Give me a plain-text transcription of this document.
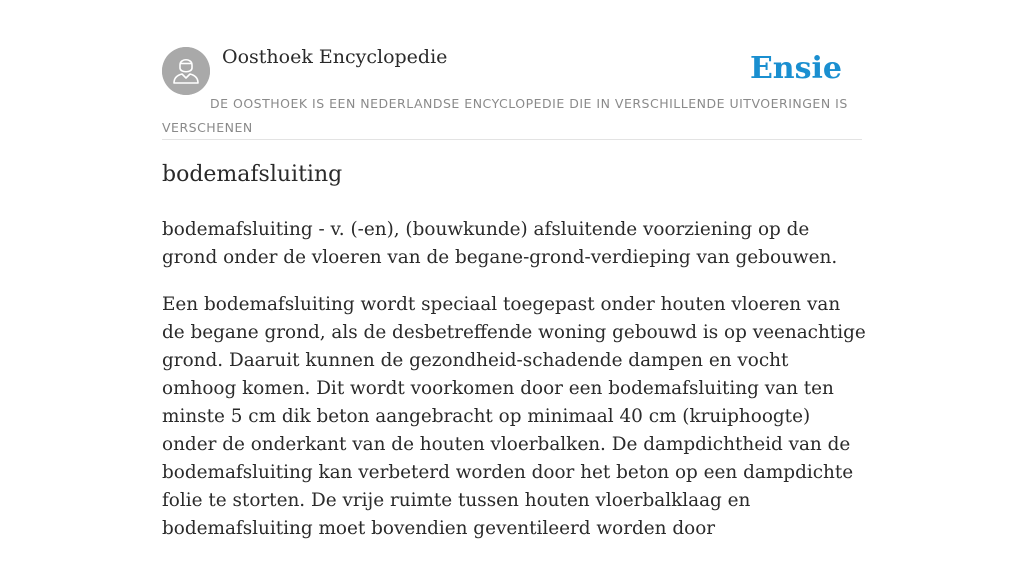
Oosthoek Encyclopedie	Ensie
DE OOSTHOEK IS EEN NEDERLANDSE ENCYCLOPEDIE DIE IN VERSCHILLENDE UITVOERINGEN IS VERSCHENEN
bodemafsluiting

bodemafsluiting - v. (-en), (bouwkunde) afsluitende voorziening op de grond onder de vloeren van de begane-grond-verdieping van gebouwen.

Een bodemafsluiting wordt speciaal toegepast onder houten vloeren van de begane grond, als de desbetreffende woning gebouwd is op veenachtige grond. Daaruit kunnen de gezondheid-schadende dampen en vocht omhoog komen. Dit wordt voorkomen door een bodemafsluiting van ten minste 5 cm dik beton aangebracht op minimaal 40 cm (kruiphoogte) onder de onderkant van de houten vloerbalken. De dampdichtheid van de bodemafsluiting kan verbeterd worden door het beton op een dampdichte folie te storten. De vrije ruimte tussen houten vloerbalklaag en bodemafsluiting moet bovendien geventileerd worden door
